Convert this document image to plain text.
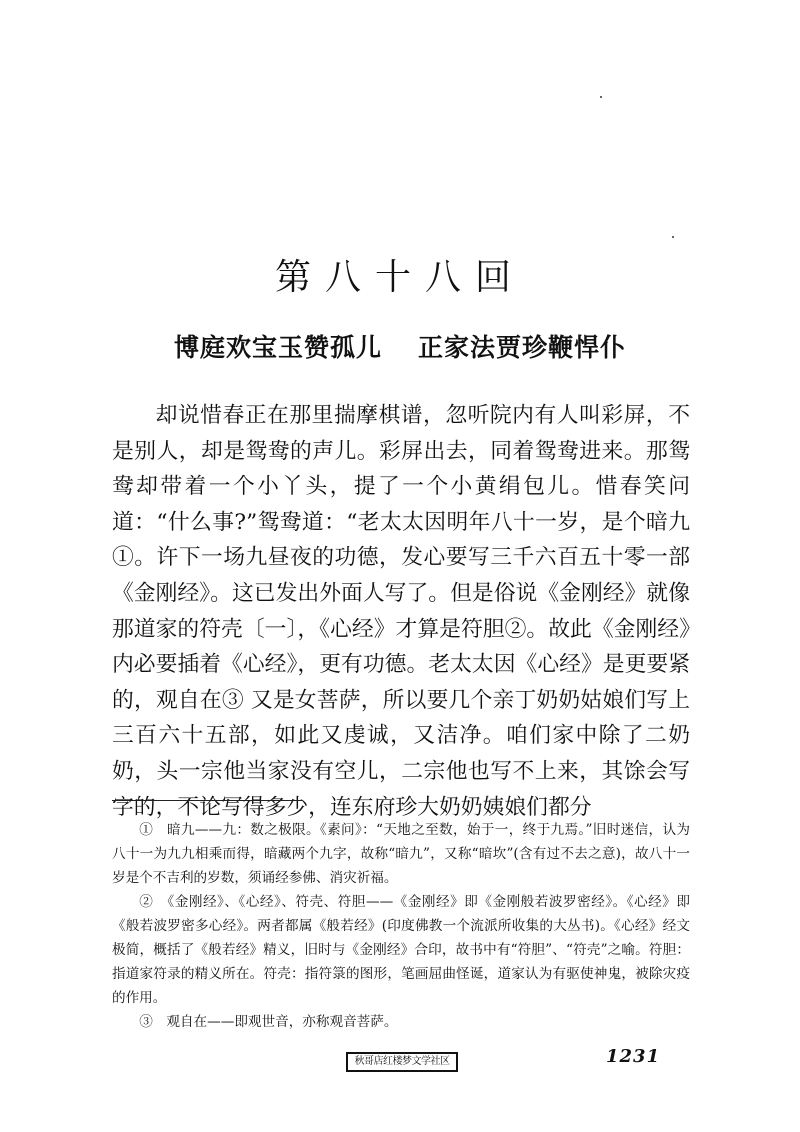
第八十八回
博庭欢宝玉赞孤儿 正家法贾珍鞭悍仆

却说惜春正在那里揣摩棋谱，忽听院内有人叫彩屏，不是别人，却是鸳鸯的声儿。彩屏出去，同着鸳鸯进来。那鸳鸯却带着一个小丫头，提了一个小黄绢包儿。惜春笑问道：“什么事?”鸳鸯道：“老太太因明年八十一岁，是个暗九①。许下一场九昼夜的功德，发心要写三千六百五十零一部《金刚经》。这已发出外面人写了。但是俗说《金刚经》就像那道家的符壳〔一〕，《心经》才算是符胆②。故此《金刚经》内必要插着《心经》，更有功德。老太太因《心经》是更要紧的，观自在③ 又是女菩萨，所以要几个亲丁奶奶姑娘们写上三百六十五部，如此又虔诚，又洁净。咱们家中除了二奶奶，头一宗他当家没有空儿，二宗他也写不上来，其馀会写字的，不论写得多少，连东府珍大奶奶姨娘们都分

①　暗九——九：数之极限。《素问》：“天地之至数，始于一，终于九焉。”旧时迷信，认为八十一为九九相乘而得，暗藏两个九字，故称“暗九”，又称“暗坎”(含有过不去之意)，故八十一岁是个不吉利的岁数，须诵经参佛、消灾祈福。

②　《金刚经》、《心经》、符壳、符胆——《金刚经》即《金刚般若波罗密经》。《心经》即《般若波罗密多心经》。两者都属《般若经》(印度佛教一个流派所收集的大丛书)。《心经》经文极简，概括了《般若经》精义，旧时与《金刚经》合印，故书中有“符胆”、“符壳”之喻。符胆：指道家符录的精义所在。符壳：指符箓的图形，笔画屈曲怪诞，道家认为有驱使神鬼，被除灾疫的作用。

③　观自在——即观世音，亦称观音菩萨。

秋哥店红楼梦文学社区	1231
